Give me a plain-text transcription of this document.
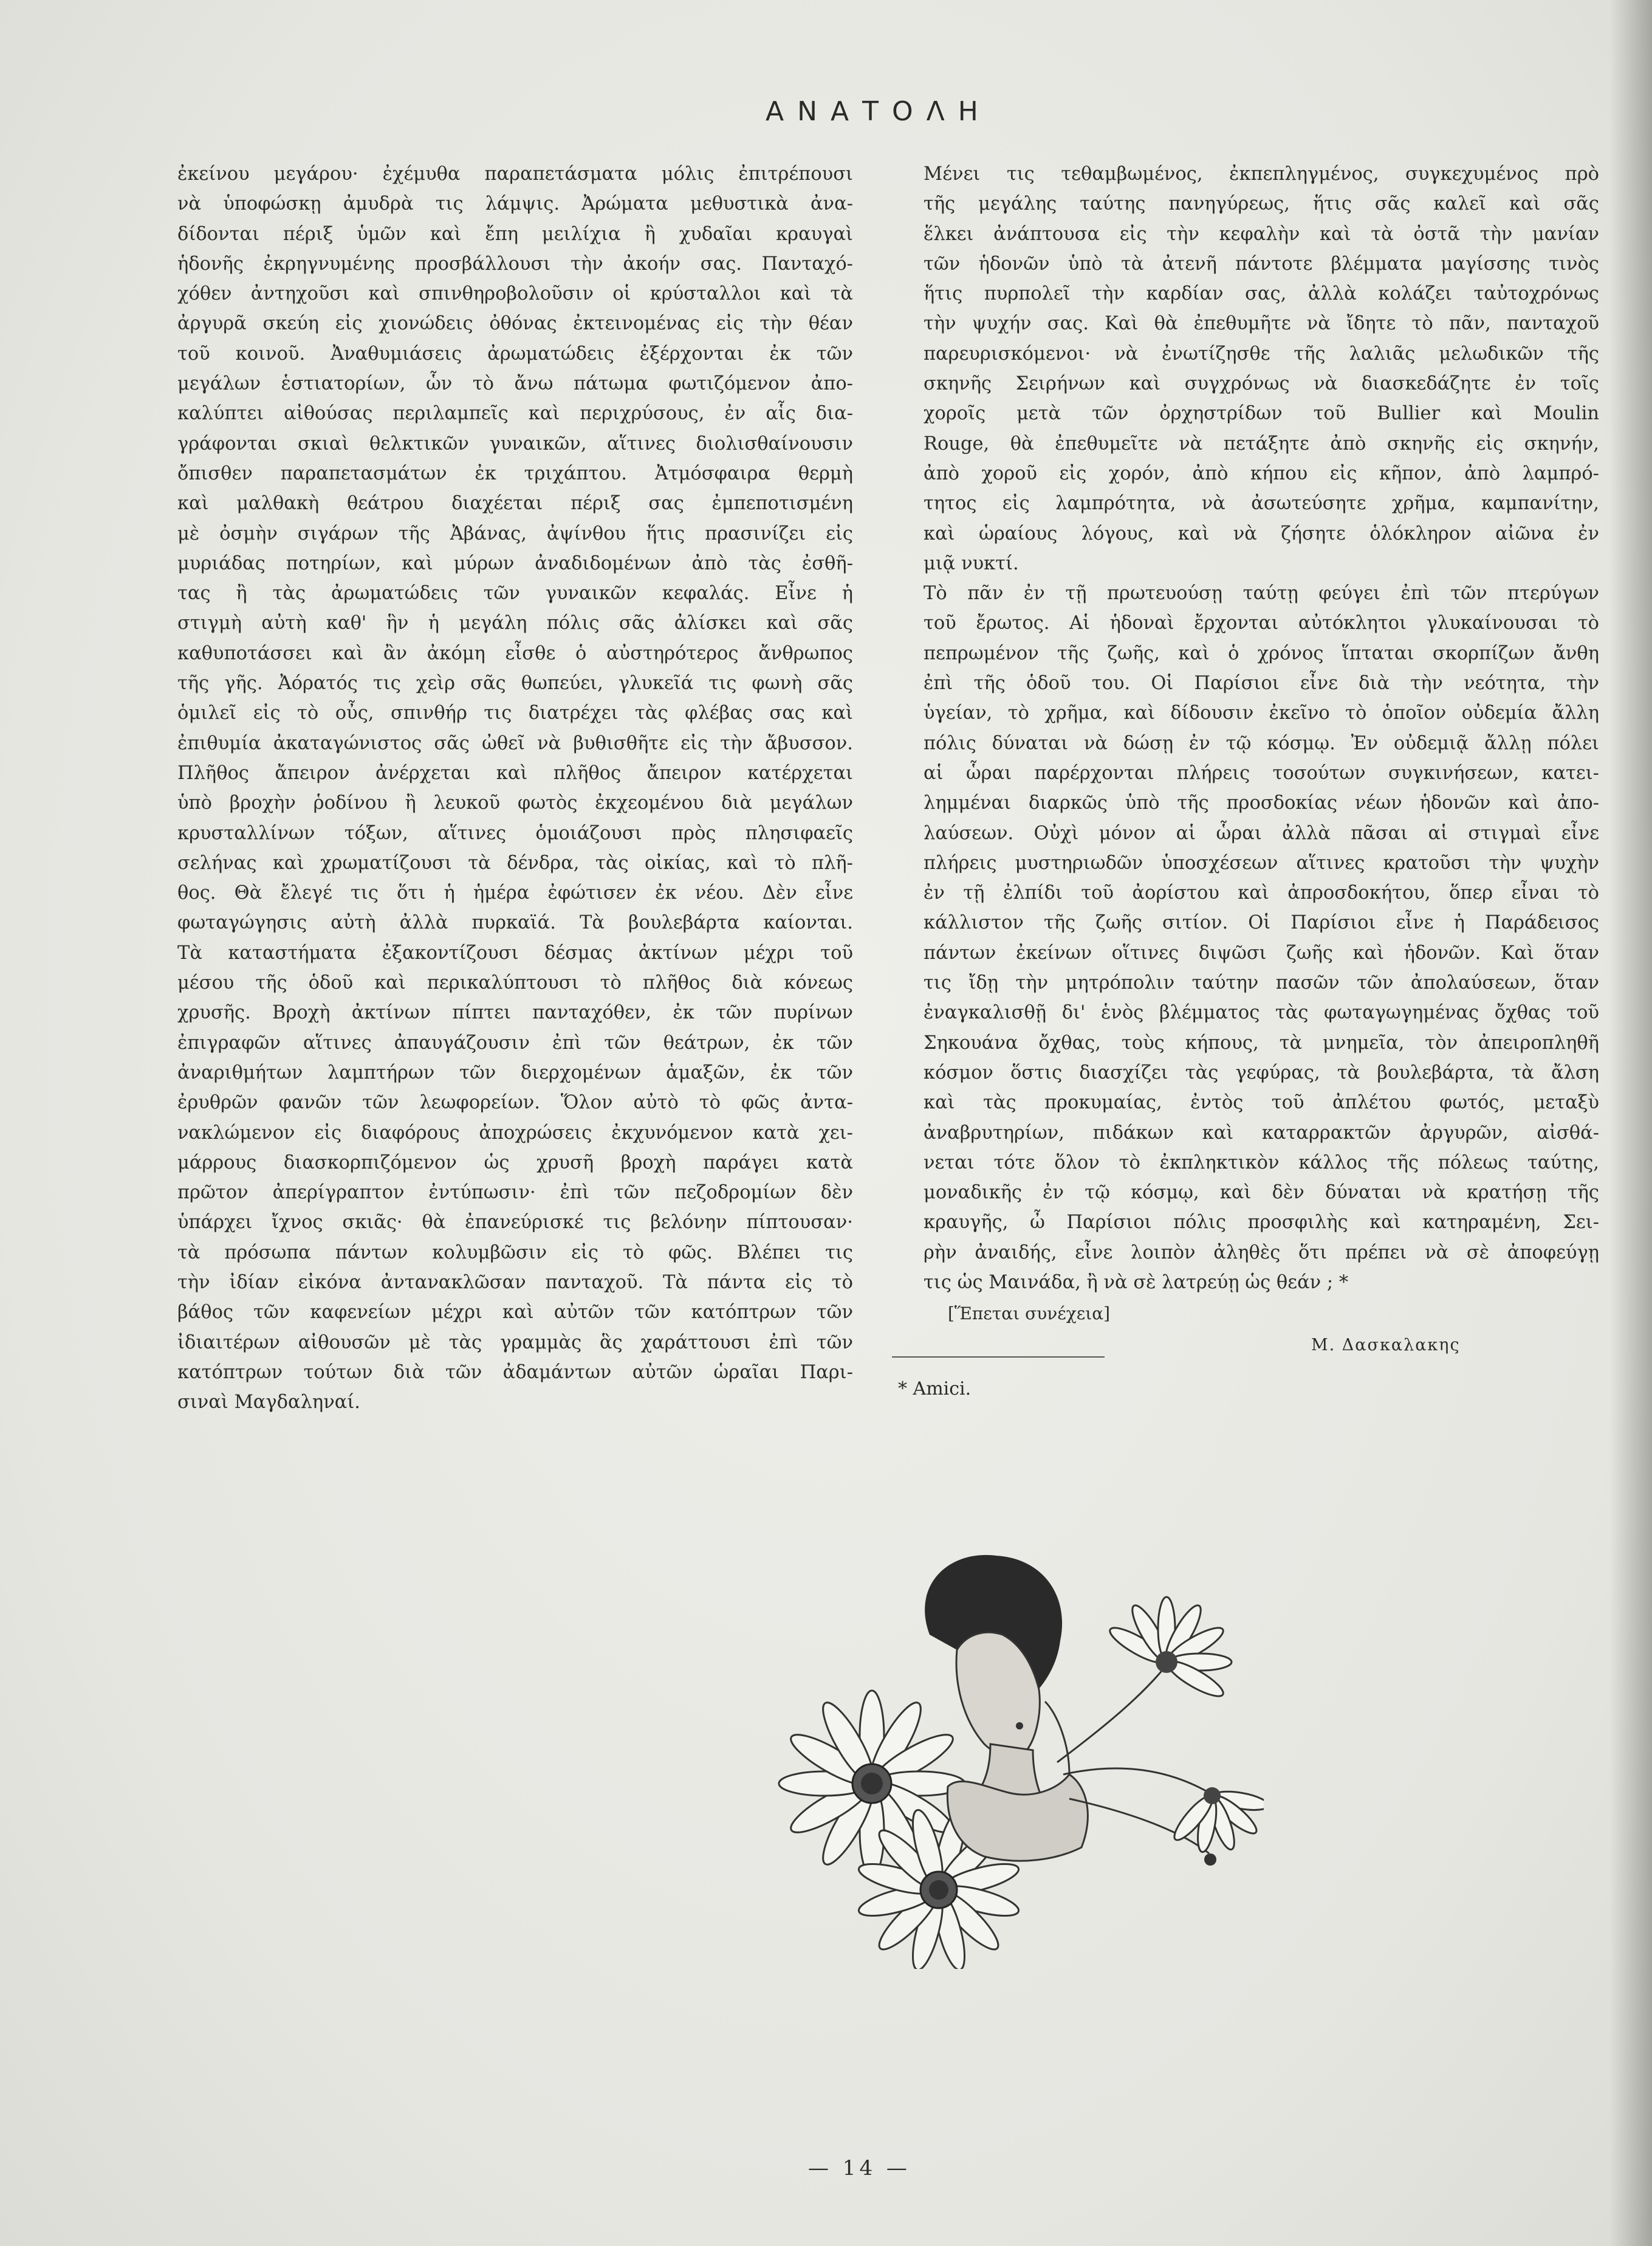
ΑΝΑΤΟΛΗ
ἐκείνου μεγάρου· ἐχέμυθα παραπετάσματα μόλις ἐπιτρέπουσι
νὰ ὑποφώσκῃ ἀμυδρὰ τις λάμψις. Ἀρώματα μεθυστικὰ ἀνα-
δίδονται πέριξ ὑμῶν καὶ ἔπη μειλίχια ἢ χυδαῖαι κραυγαὶ
ἡδονῆς ἐκρηγνυμένης προσβάλλουσι τὴν ἀκοήν σας. Πανταχό-
χόθεν ἀντηχοῦσι καὶ σπινθηροβολοῦσιν οἱ κρύσταλλοι καὶ τὰ
ἀργυρᾶ σκεύη εἰς χιονώδεις ὀθόνας ἐκτεινομένας εἰς τὴν θέαν
τοῦ κοινοῦ. Ἀναθυμιάσεις ἀρωματώδεις ἐξέρχονται ἐκ τῶν
μεγάλων ἑστιατορίων, ὧν τὸ ἄνω πάτωμα φωτιζόμενον ἀπο-
καλύπτει αἰθούσας περιλαμπεῖς καὶ περιχρύσους, ἐν αἷς δια-
γράφονται σκιαὶ θελκτικῶν γυναικῶν, αἵτινες διολισθαίνουσιν
ὄπισθεν παραπετασμάτων ἐκ τριχάπτου. Ἀτμόσφαιρα θερμὴ
καὶ μαλθακὴ θεάτρου διαχέεται πέριξ σας ἐμπεποτισμένη
μὲ ὀσμὴν σιγάρων τῆς Ἀβάνας, ἀψίνθου ἥτις πρασινίζει εἰς
μυριάδας ποτηρίων, καὶ μύρων ἀναδιδομένων ἀπὸ τὰς ἐσθῆ-
τας ἢ τὰς ἀρωματώδεις τῶν γυναικῶν κεφαλάς. Εἶνε ἡ
στιγμὴ αὐτὴ καθ' ἣν ἡ μεγάλη πόλις σᾶς ἀλίσκει καὶ σᾶς
καθυποτάσσει καὶ ἂν ἀκόμη εἶσθε ὁ αὐστηρότερος ἄνθρωπος
τῆς γῆς. Ἀόρατός τις χεὶρ σᾶς θωπεύει, γλυκεῖά τις φωνὴ σᾶς
ὁμιλεῖ εἰς τὸ οὖς, σπινθήρ τις διατρέχει τὰς φλέβας σας καὶ
ἐπιθυμία ἀκαταγώνιστος σᾶς ὠθεῖ νὰ βυθισθῆτε εἰς τὴν ἄβυσσον.
Πλῆθος ἄπειρον ἀνέρχεται καὶ πλῆθος ἄπειρον κατέρχεται
ὑπὸ βροχὴν ῥοδίνου ἢ λευκοῦ φωτὸς ἐκχεομένου διὰ μεγάλων
κρυσταλλίνων τόξων, αἵτινες ὁμοιάζουσι πρὸς πλησιφαεῖς
σελήνας καὶ χρωματίζουσι τὰ δένδρα, τὰς οἰκίας, καὶ τὸ πλῆ-
θος. Θὰ ἔλεγέ τις ὅτι ἡ ἡμέρα ἐφώτισεν ἐκ νέου. Δὲν εἶνε
φωταγώγησις αὐτὴ ἀλλὰ πυρκαϊά. Τὰ βουλεβάρτα καίονται.
Τὰ καταστήματα ἐξακοντίζουσι δέσμας ἀκτίνων μέχρι τοῦ
μέσου τῆς ὁδοῦ καὶ περικαλύπτουσι τὸ πλῆθος διὰ κόνεως
χρυσῆς. Βροχὴ ἀκτίνων πίπτει πανταχόθεν, ἐκ τῶν πυρίνων
ἐπιγραφῶν αἵτινες ἀπαυγάζουσιν ἐπὶ τῶν θεάτρων, ἐκ τῶν
ἀναριθμήτων λαμπτήρων τῶν διερχομένων ἁμαξῶν, ἐκ τῶν
ἐρυθρῶν φανῶν τῶν λεωφορείων. Ὅλον αὐτὸ τὸ φῶς ἀντα-
νακλώμενον εἰς διαφόρους ἀποχρώσεις ἐκχυνόμενον κατὰ χει-
μάρρους διασκορπιζόμενον ὡς χρυσῆ βροχὴ παράγει κατὰ
πρῶτον ἀπερίγραπτον ἐντύπωσιν· ἐπὶ τῶν πεζοδρομίων δὲν
ὑπάρχει ἴχνος σκιᾶς· θὰ ἐπανεύρισκέ τις βελόνην πίπτουσαν·
τὰ πρόσωπα πάντων κολυμβῶσιν εἰς τὸ φῶς. Βλέπει τις
τὴν ἰδίαν εἰκόνα ἀντανακλῶσαν πανταχοῦ. Τὰ πάντα εἰς τὸ
βάθος τῶν καφενείων μέχρι καὶ αὐτῶν τῶν κατόπτρων τῶν
ἰδιαιτέρων αἰθουσῶν μὲ τὰς γραμμὰς ἃς χαράττουσι ἐπὶ τῶν
κατόπτρων τούτων διὰ τῶν ἀδαμάντων αὐτῶν ὡραῖαι Παρι-
σιναὶ Μαγδαληναί.
Μένει τις τεθαμβωμένος, ἐκπεπληγμένος, συγκεχυμένος πρὸ
τῆς μεγάλης ταύτης πανηγύρεως, ἥτις σᾶς καλεῖ καὶ σᾶς
ἕλκει ἀνάπτουσα εἰς τὴν κεφαλὴν καὶ τὰ ὀστᾶ τὴν μανίαν
τῶν ἡδονῶν ὑπὸ τὰ ἀτενῆ πάντοτε βλέμματα μαγίσσης τινὸς
ἥτις πυρπολεῖ τὴν καρδίαν σας, ἀλλὰ κολάζει ταὐτοχρόνως
τὴν ψυχήν σας. Καὶ θὰ ἐπεθυμῆτε νὰ ἴδητε τὸ πᾶν, πανταχοῦ
παρευρισκόμενοι· νὰ ἐνωτίζησθε τῆς λαλιᾶς μελωδικῶν τῆς
σκηνῆς Σειρήνων καὶ συγχρόνως νὰ διασκεδάζητε ἐν τοῖς
χοροῖς μετὰ τῶν ὀρχηστρίδων τοῦ Bullier καὶ Moulin
Rouge, θὰ ἐπεθυμεῖτε νὰ πετάξητε ἀπὸ σκηνῆς εἰς σκηνήν,
ἀπὸ χοροῦ εἰς χορόν, ἀπὸ κήπου εἰς κῆπον, ἀπὸ λαμπρό-
τητος εἰς λαμπρότητα, νὰ ἀσωτεύσητε χρῆμα, καμπανίτην,
καὶ ὡραίους λόγους, καὶ νὰ ζήσητε ὁλόκληρον αἰῶνα ἐν
μιᾷ νυκτί.
Τὸ πᾶν ἐν τῇ πρωτευούσῃ ταύτῃ φεύγει ἐπὶ τῶν πτερύγων
τοῦ ἔρωτος. Αἱ ἡδοναὶ ἔρχονται αὐτόκλητοι γλυκαίνουσαι τὸ
πεπρωμένον τῆς ζωῆς, καὶ ὁ χρόνος ἵπταται σκορπίζων ἄνθη
ἐπὶ τῆς ὁδοῦ του. Οἱ Παρίσιοι εἶνε διὰ τὴν νεότητα, τὴν
ὑγείαν, τὸ χρῆμα, καὶ δίδουσιν ἐκεῖνο τὸ ὁποῖον οὐδεμία ἄλλη
πόλις δύναται νὰ δώσῃ ἐν τῷ κόσμῳ. Ἐν οὐδεμιᾷ ἄλλῃ πόλει
αἱ ὧραι παρέρχονται πλήρεις τοσούτων συγκινήσεων, κατει-
λημμέναι διαρκῶς ὑπὸ τῆς προσδοκίας νέων ἡδονῶν καὶ ἀπο-
λαύσεων. Οὐχὶ μόνον αἱ ὧραι ἀλλὰ πᾶσαι αἱ στιγμαὶ εἶνε
πλήρεις μυστηριωδῶν ὑποσχέσεων αἵτινες κρατοῦσι τὴν ψυχὴν
ἐν τῇ ἐλπίδι τοῦ ἀορίστου καὶ ἀπροσδοκήτου, ὅπερ εἶναι τὸ
κάλλιστον τῆς ζωῆς σιτίον. Οἱ Παρίσιοι εἶνε ἡ Παράδεισος
πάντων ἐκείνων οἵτινες διψῶσι ζωῆς καὶ ἡδονῶν. Καὶ ὅταν
τις ἴδῃ τὴν μητρόπολιν ταύτην πασῶν τῶν ἀπολαύσεων, ὅταν
ἐναγκαλισθῇ δι' ἑνὸς βλέμματος τὰς φωταγωγημένας ὄχθας τοῦ
Σηκουάνα ὄχθας, τοὺς κήπους, τὰ μνημεῖα, τὸν ἀπειροπληθῆ
κόσμον ὅστις διασχίζει τὰς γεφύρας, τὰ βουλεβάρτα, τὰ ἄλση
καὶ τὰς προκυμαίας, ἐντὸς τοῦ ἀπλέτου φωτός, μεταξὺ
ἀναβρυτηρίων, πιδάκων καὶ καταρρακτῶν ἀργυρῶν, αἰσθά-
νεται τότε ὅλον τὸ ἐκπληκτικὸν κάλλος τῆς πόλεως ταύτης,
μοναδικῆς ἐν τῷ κόσμῳ, καὶ δὲν δύναται νὰ κρατήσῃ τῆς
κραυγῆς, ὦ Παρίσιοι πόλις προσφιλὴς καὶ κατηραμένη, Σει-
ρὴν ἀναιδής, εἶνε λοιπὸν ἀληθὲς ὅτι πρέπει νὰ σὲ ἀποφεύγῃ
τις ὡς Μαινάδα, ἢ νὰ σὲ λατρεύῃ ὡς θεάν ; *
[Ἕπεται συνέχεια]
Μ. Δασκαλακης
* Amici.
— 14 —
